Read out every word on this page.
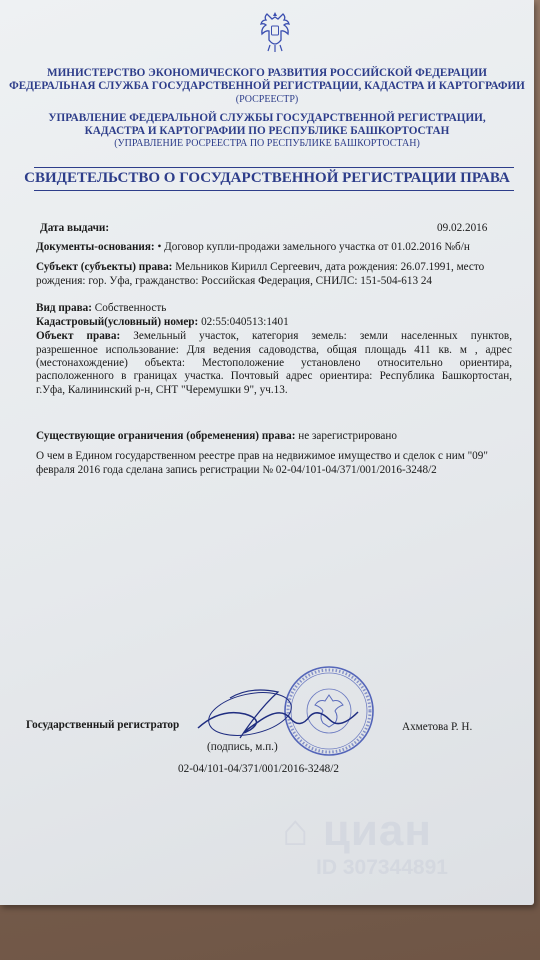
МИНИСТЕРСТВО ЭКОНОМИЧЕСКОГО РАЗВИТИЯ РОССИЙСКОЙ ФЕДЕРАЦИИ
ФЕДЕРАЛЬНАЯ СЛУЖБА ГОСУДАРСТВЕННОЙ РЕГИСТРАЦИИ, КАДАСТРА И КАРТОГРАФИИ
(РОСРЕЕСТР)
УПРАВЛЕНИЕ ФЕДЕРАЛЬНОЙ СЛУЖБЫ ГОСУДАРСТВЕННОЙ РЕГИСТРАЦИИ,
КАДАСТРА И КАРТОГРАФИИ ПО РЕСПУБЛИКЕ БАШКОРТОСТАН
(УПРАВЛЕНИЕ РОСРЕЕСТРА ПО РЕСПУБЛИКЕ БАШКОРТОСТАН)
СВИДЕТЕЛЬСТВО О ГОСУДАРСТВЕННОЙ РЕГИСТРАЦИИ ПРАВА
Дата выдачи:	09.02.2016
Документы-основания: • Договор купли-продажи замельного участка от 01.02.2016 №б/н
Субъект (субъекты) права: Мельников Кирилл Сергеевич, дата рождения: 26.07.1991, место
рождения: гор. Уфа, гражданство: Российская Федерация, СНИЛС: 151-504-613 24
Вид права: Собственность
Кадастровый(условный) номер: 02:55:040513:1401
Объект права: Земельный участок, категория земель: земли населенных пунктов,
разрешенное использование: Для ведения садоводства, общая площадь 411 кв. м , адрес
(местонахождение) объекта: Местоположение установлено относительно ориентира,
расположенного в границах участка. Почтовый адрес ориентира: Республика Башкортостан,
г.Уфа, Калининский р-н, СНТ "Черемушки 9", уч.13.
Существующие ограничения (обременения) права: не зарегистрировано
О чем в Едином государственном реестре прав на недвижимое имущество и сделок с ним "09"
февраля 2016 года сделана запись регистрации № 02-04/101-04/371/001/2016-3248/2
Государственный регистратор	Ахметова Р. Н.
(подпись, м.п.)
02-04/101-04/371/001/2016-3248/2
⌂ циан
ID 307344891
